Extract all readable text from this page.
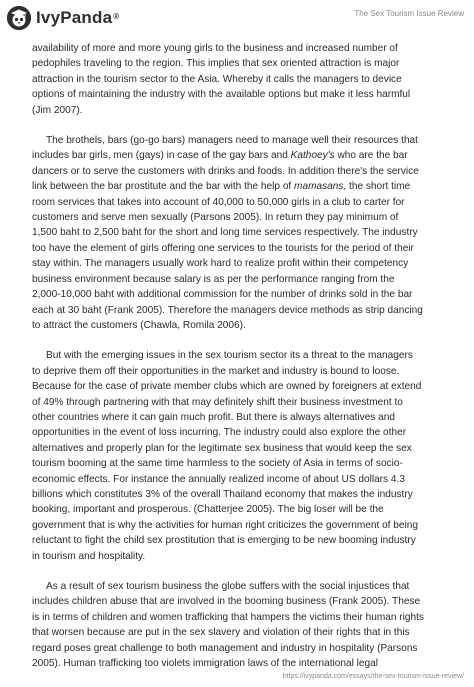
IvyPanda ®	The Sex Tourism Issue Review

availability of more and more young girls to the business and increased number of
pedophiles traveling to the region. This implies that sex oriented attraction is major
attraction in the tourism sector to the Asia. Whereby it calls the managers to device
options of maintaining the industry with the available options but make it less harmful
(Jim 2007).

The brothels, bars (go-go bars) managers need to manage well their resources that
includes bar girls, men (gays) in case of the gay bars and Kathoey's who are the bar
dancers or to serve the customers with drinks and foods. In addition there's the service
link between the bar prostitute and the bar with the help of mamasans, the short time
room services that takes into account of 40,000 to 50,000 girls in a club to carter for
customers and serve men sexually (Parsons 2005). In return they pay minimum of
1,500 baht to 2,500 baht for the short and long time services respectively. The industry
too have the element of girls offering one services to the tourists for the period of their
stay within. The managers usually work hard to realize profit within their competency
business environment because salary is as per the performance ranging from the
2,000-10,000 baht with additional commission for the number of drinks sold in the bar
each at 30 baht (Frank 2005). Therefore the managers device methods as strip dancing
to attract the customers (Chawla, Romila 2006).

But with the emerging issues in the sex tourism sector its a threat to the managers
to deprive them off their opportunities in the market and industry is bound to loose.
Because for the case of private member clubs which are owned by foreigners at extend
of 49% through partnering with that may definitely shift their business investment to
other countries where it can gain much profit. But there is always alternatives and
opportunities in the event of loss incurring. The industry could also explore the other
alternatives and properly plan for the legitimate sex business that would keep the sex
tourism booming at the same time harmless to the society of Asia in terms of socio-
economic effects. For instance the annually realized income of about US dollars 4.3
billions which constitutes 3% of the overall Thailand economy that makes the industry
booking, important and prosperous. (Chatterjee 2005). The big loser will be the
government that is why the activities for human right criticizes the government of being
reluctant to fight the child sex prostitution that is emerging to be new booming industry
in tourism and hospitality.

As a result of sex tourism business the globe suffers with the social injustices that
includes children abuse that are involved in the booming business (Frank 2005). These
is in terms of children and women trafficking that hampers the victims their human rights
that worsen because are put in the sex slavery and violation of their rights that in this
regard poses great challenge to both management and industry in hospitality (Parsons
2005). Human trafficking too violets immigration laws of the international legal

https://ivypanda.com/essays/the-sex-tourism-issue-review/
